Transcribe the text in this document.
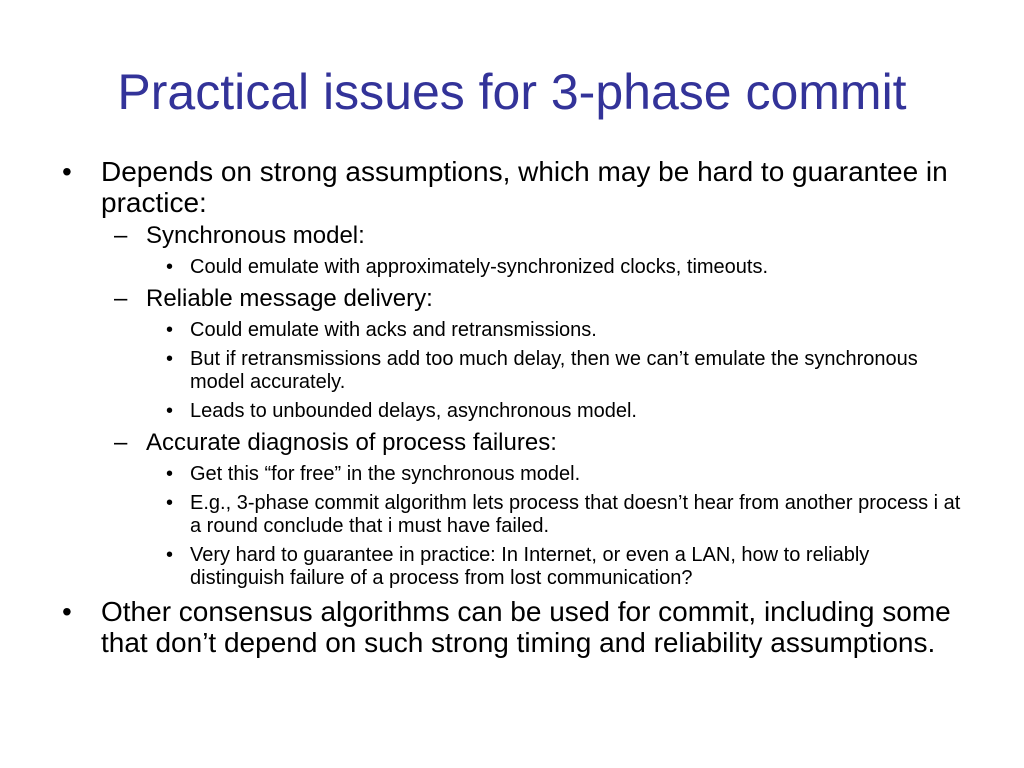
Practical issues for 3-phase commit
• Depends on strong assumptions, which may be hard to guarantee in practice:
– Synchronous model:
• Could emulate with approximately-synchronized clocks, timeouts.
– Reliable message delivery:
• Could emulate with acks and retransmissions.
• But if retransmissions add too much delay, then we can’t emulate the synchronous model accurately.
• Leads to unbounded delays, asynchronous model.
– Accurate diagnosis of process failures:
• Get this “for free” in the synchronous model.
• E.g., 3-phase commit algorithm lets process that doesn’t hear from another process i at a round conclude that i must have failed.
• Very hard to guarantee in practice: In Internet, or even a LAN, how to reliably distinguish failure of a process from lost communication?
• Other consensus algorithms can be used for commit, including some that don’t depend on such strong timing and reliability assumptions.
